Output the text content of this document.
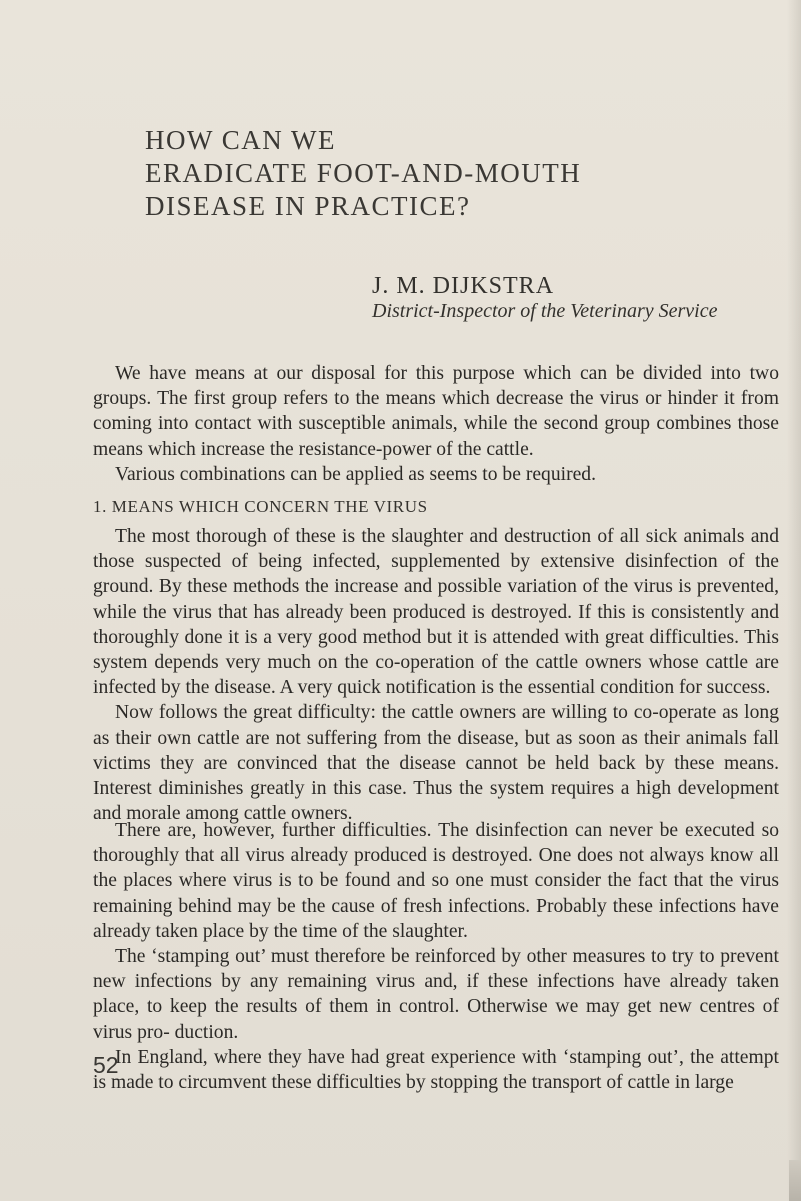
HOW CAN WE
ERADICATE FOOT-AND-MOUTH
DISEASE IN PRACTICE?
J. M. DIJKSTRA
District-Inspector of the Veterinary Service

We have means at our disposal for this purpose which can be divided into two groups. The first group refers to the means which decrease the virus or hinder it from coming into contact with susceptible animals, while the second group combines those means which increase the resistance-power of the cattle.

Various combinations can be applied as seems to be required.

1. MEANS WHICH CONCERN THE VIRUS

The most thorough of these is the slaughter and destruction of all sick animals and those suspected of being infected, supplemented by extensive disinfection of the ground. By these methods the increase and possible variation of the virus is prevented, while the virus that has already been produced is destroyed. If this is consistently and thoroughly done it is a very good method but it is attended with great difficulties. This system depends very much on the co-operation of the cattle owners whose cattle are infected by the disease. A very quick notification is the essential condition for success.

Now follows the great difficulty: the cattle owners are willing to co-operate as long as their own cattle are not suffering from the disease, but as soon as their animals fall victims they are convinced that the disease cannot be held back by these means. Interest diminishes greatly in this case. Thus the system requires a high development and morale among cattle owners.

There are, however, further difficulties. The disinfection can never be executed so thoroughly that all virus already produced is destroyed. One does not always know all the places where virus is to be found and so one must consider the fact that the virus remaining behind may be the cause of fresh infections. Probably these infections have already taken place by the time of the slaughter.

The ‘stamping out’ must therefore be reinforced by other measures to try to prevent new infections by any remaining virus and, if these infections have already taken place, to keep the results of them in control. Otherwise we may get new centres of virus pro- duction.

In England, where they have had great experience with ‘stamping out’, the attempt is made to circumvent these difficulties by stopping the transport of cattle in large

52
